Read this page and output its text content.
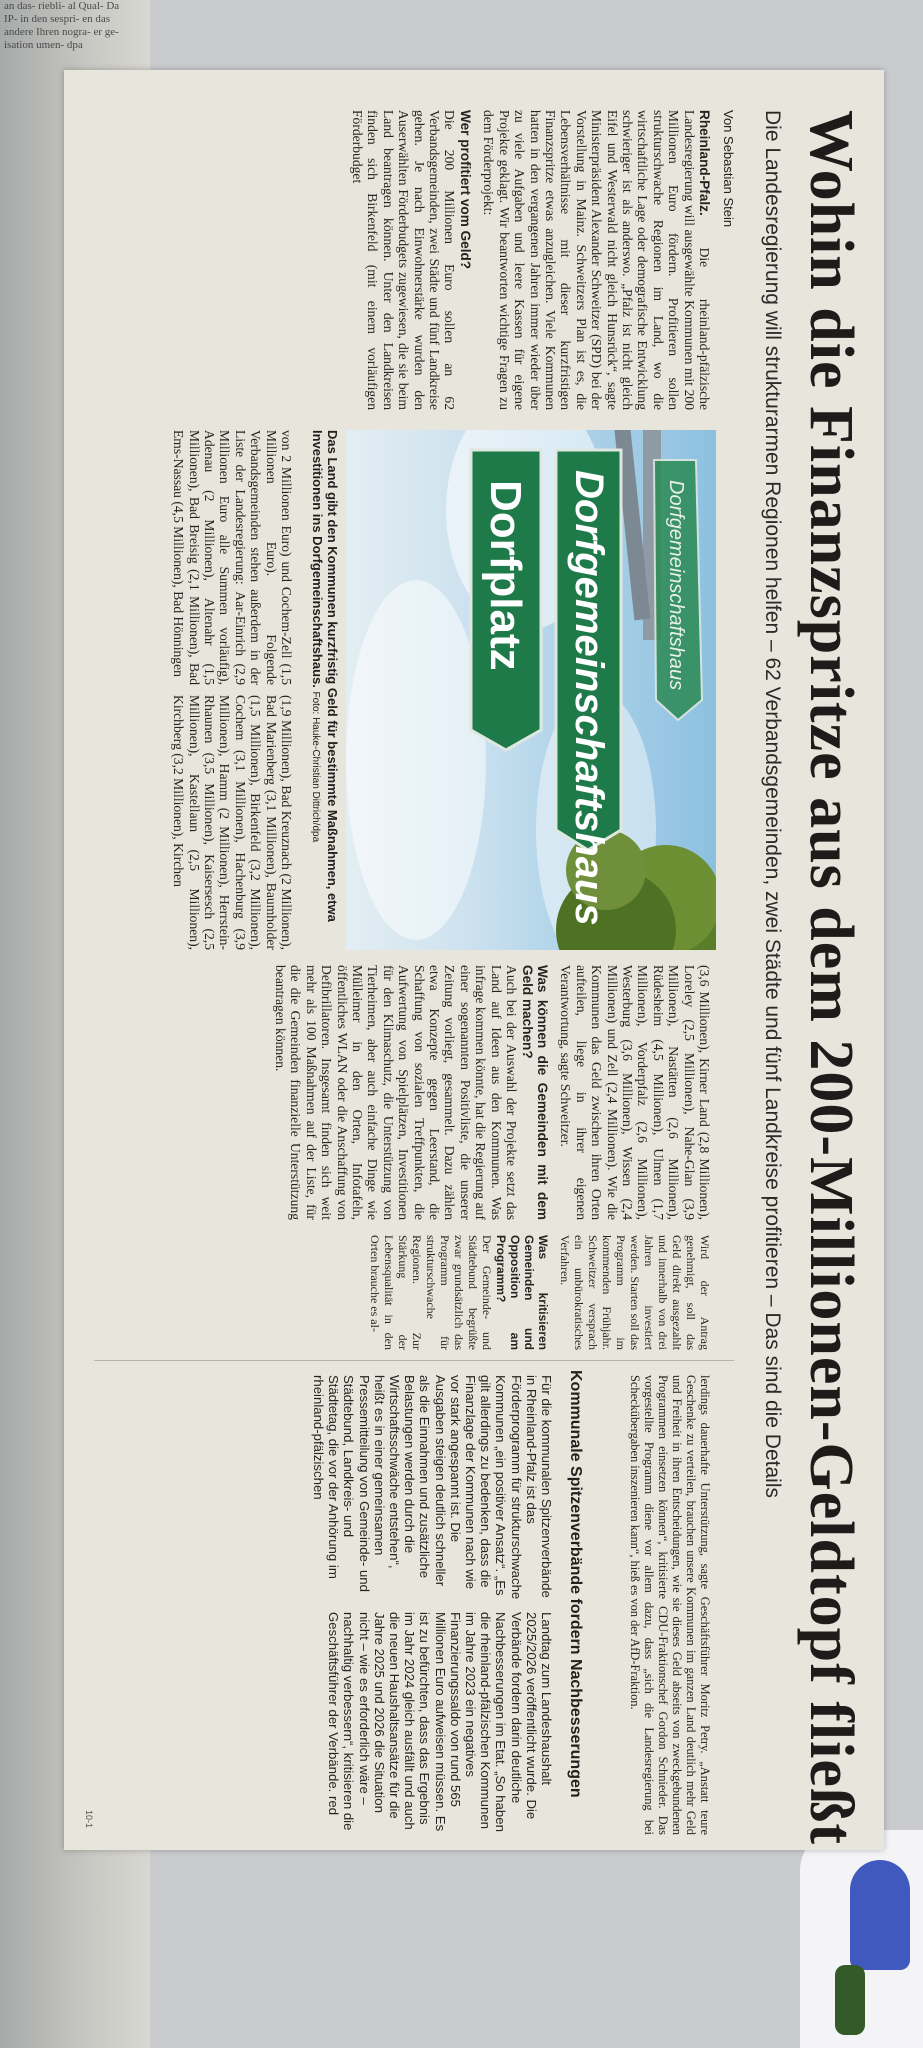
an das- riebli- al Qual- Da IP- in den sespri- en das andere Ihren nogra- er ge- isation umen- dpa
Wohin die Finanzspritze aus dem 200-Millionen-Geldtopf fließt
Die Landesregierung will strukturarmen Regionen helfen – 62 Verbandsgemeinden, zwei Städte und fünf Landkreise profitieren – Das sind die Details
Von Sebastian Stein

Rheinland-Pfalz. Die rheinland-pfälzische Landesregierung will ausgewählte Kommunen mit 200 Millionen Euro fördern. Profitieren sollen strukturschwache Regionen im Land, wo die wirtschaftliche Lage oder demografische Entwicklung schwieriger ist als anderswo. „Pfalz ist nicht gleich Eifel und Westerwald nicht gleich Hunsrück“, sagte Ministerpräsident Alexander Schweitzer (SPD) bei der Vorstellung in Mainz. Schweitzers Plan ist es, die Lebensverhältnisse mit dieser kurzfristigen Finanzspritze etwas anzugleichen. Viele Kommunen hatten in den vergangenen Jahren immer wieder über zu viele Aufgaben und leere Kassen für eigene Projekte geklagt. Wir beantworten wichtige Fragen zu dem Förderprojekt:

Wer profitiert vom Geld?

Die 200 Millionen Euro sollen an 62 Verbandsgemeinden, zwei Städte und fünf Landkreise gehen. Je nach Einwohnerstärke wurden den Auserwählten Förderbudgets zugewiesen, die sie beim Land beantragen können. Unter den Landkreisen finden sich Birkenfeld (mit einem vorläufigen Förderbudget

Dorfgemeinschaftshaus
Dorfplatz	Dorfgemeinschaftshaus
Das Land gibt den Kommunen kurzfristig Geld für bestimmte Maßnahmen, etwa Investitionen ins Dorfgemeinschaftshaus. Foto: Hauke-Christian Dittrich/dpa

von 2 Millionen Euro) und Cochem-Zell (1,5 Millionen Euro). Folgende Verbandsgemeinden stehen außerdem in der Liste der Landesregierung: Aar-Einrich (2,9 Millionen Euro alle Summen vorläufig), Adenau (2 Millionen), Altenahr (1,5 Millionen), Bad Breisig (2,1 Millionen), Bad Ems-Nassau (4,5 Millionen), Bad Hönningen

(1,9 Millionen), Bad Kreuznach (2 Millionen), Bad Marienberg (3,1 Millionen), Baumholder (1,5 Millionen), Birkenfeld (3,2 Millionen), Cochem (3,1 Millionen), Hachenburg (3,9 Millionen), Hamm (2 Millionen), Herrstein-Rhaunen (3,5 Millionen), Kaisersesch (2,5 Millionen), Kastellaun (2,5 Millionen), Kirchberg (3,2 Millionen), Kirchen

(3,6 Millionen), Kirner Land (2,8 Millionen), Loreley (2,5 Millionen), Nahe-Glan (3,9 Millionen), Nastätten (2,6 Millionen), Rüdesheim (4,5 Millionen), Ulmen (1,7 Millionen), Vorderpfalz (2,6 Millionen), Westerburg (3,6 Millionen), Wissen (2,4 Millionen) und Zell (2,4 Millionen). Wie die Kommunen das Geld zwischen ihren Orten aufteilen, liege in ihrer eigenen Verantwortung, sagte Schweitzer.

Was können die Gemeinden mit dem Geld machen?

Auch bei der Auswahl der Projekte setzt das Land auf Ideen aus den Kommunen. Was infrage kommen könnte, hat die Regierung auf einer sogenannten Positivliste, die unserer Zeitung vorliegt, gesammelt. Dazu zählen etwa Konzepte gegen Leerstand, die Schaffung von sozialen Treffpunkten, die Aufwertung von Spielplätzen, Investitionen für den Klimaschutz, die Unterstützung von Tierheimen, aber auch einfache Dinge wie Mülleimer in den Orten, Infotafeln, öffentliches WLAN oder die Anschaffung von Defibrillatoren. Insgesamt finden sich weit mehr als 100 Maßnahmen auf der Liste, für die die Gemeinden finanzielle Unterstützung beantragen können.

Wird der Antrag genehmigt, soll das Geld direkt ausgezahlt und innerhalb von drei Jahren investiert werden. Starten soll das Programm im kommenden Frühjahr. Schweitzer versprach ein unbürokratisches Verfahren.

Was kritisieren Gemeinden und Opposition am Programm?

Der Gemeinde- und Städtebund begrüßte zwar grundsätzlich das Programm für strukturschwache Regionen. Zur Stärkung der Lebensqualität in den Orten brauche es al-

lerdings dauerhafte Unterstützung, sagte Geschäftsführer Moritz Petry. „Anstatt teure Geschenke zu verteilen, brauchen unsere Kommunen im ganzen Land deutlich mehr Geld und Freiheit in ihren Entscheidungen, wie sie dieses Geld abseits von zweckgebundenen Programmen einsetzen können“, kritisierte CDU-Fraktionschef Gordon Schnieder. Das vorgestellte Programm diene vor allem dazu, dass „sich die Landesregierung bei Scheckübergaben inszenieren kann“, hieß es von der AfD-Fraktion.

Kommunale Spitzenverbände fordern Nachbesserungen
Für die kommunalen Spitzenverbände in Rheinland-Pfalz ist das Förderprogramm für strukturschwache Kommunen „ein positiver Ansatz“. „Es gilt allerdings zu bedenken, dass die Finanzlage der Kommunen nach wie vor stark angespannt ist. Die Ausgaben steigen deutlich schneller als die Einnahmen und zusätzliche Belastungen werden durch die Wirtschaftsschwäche entstehen“, heißt es in einer gemeinsamen Pressemitteilung von Gemeinde- und Städtebund, Landkreis- und Städtetag, die vor der Anhörung im rheinland-pfälzischen
Landtag zum Landeshaushalt 2025/2026 veröffentlicht wurde. Die Verbände fordern darin deutliche Nachbesserungen im Etat. „So haben die rheinland-pfälzischen Kommunen im Jahre 2023 ein negatives Finanzierungssaldo von rund 565 Millionen Euro aufweisen müssen. Es ist zu befürchten, dass das Ergebnis im Jahr 2024 gleich ausfällt und auch die neuen Haushaltsansätze für die Jahre 2025 und 2026 die Situation nicht – wie es erforderlich wäre – nachhaltig verbessern“, kritisieren die Geschäftsführer der Verbände. red
10-1
